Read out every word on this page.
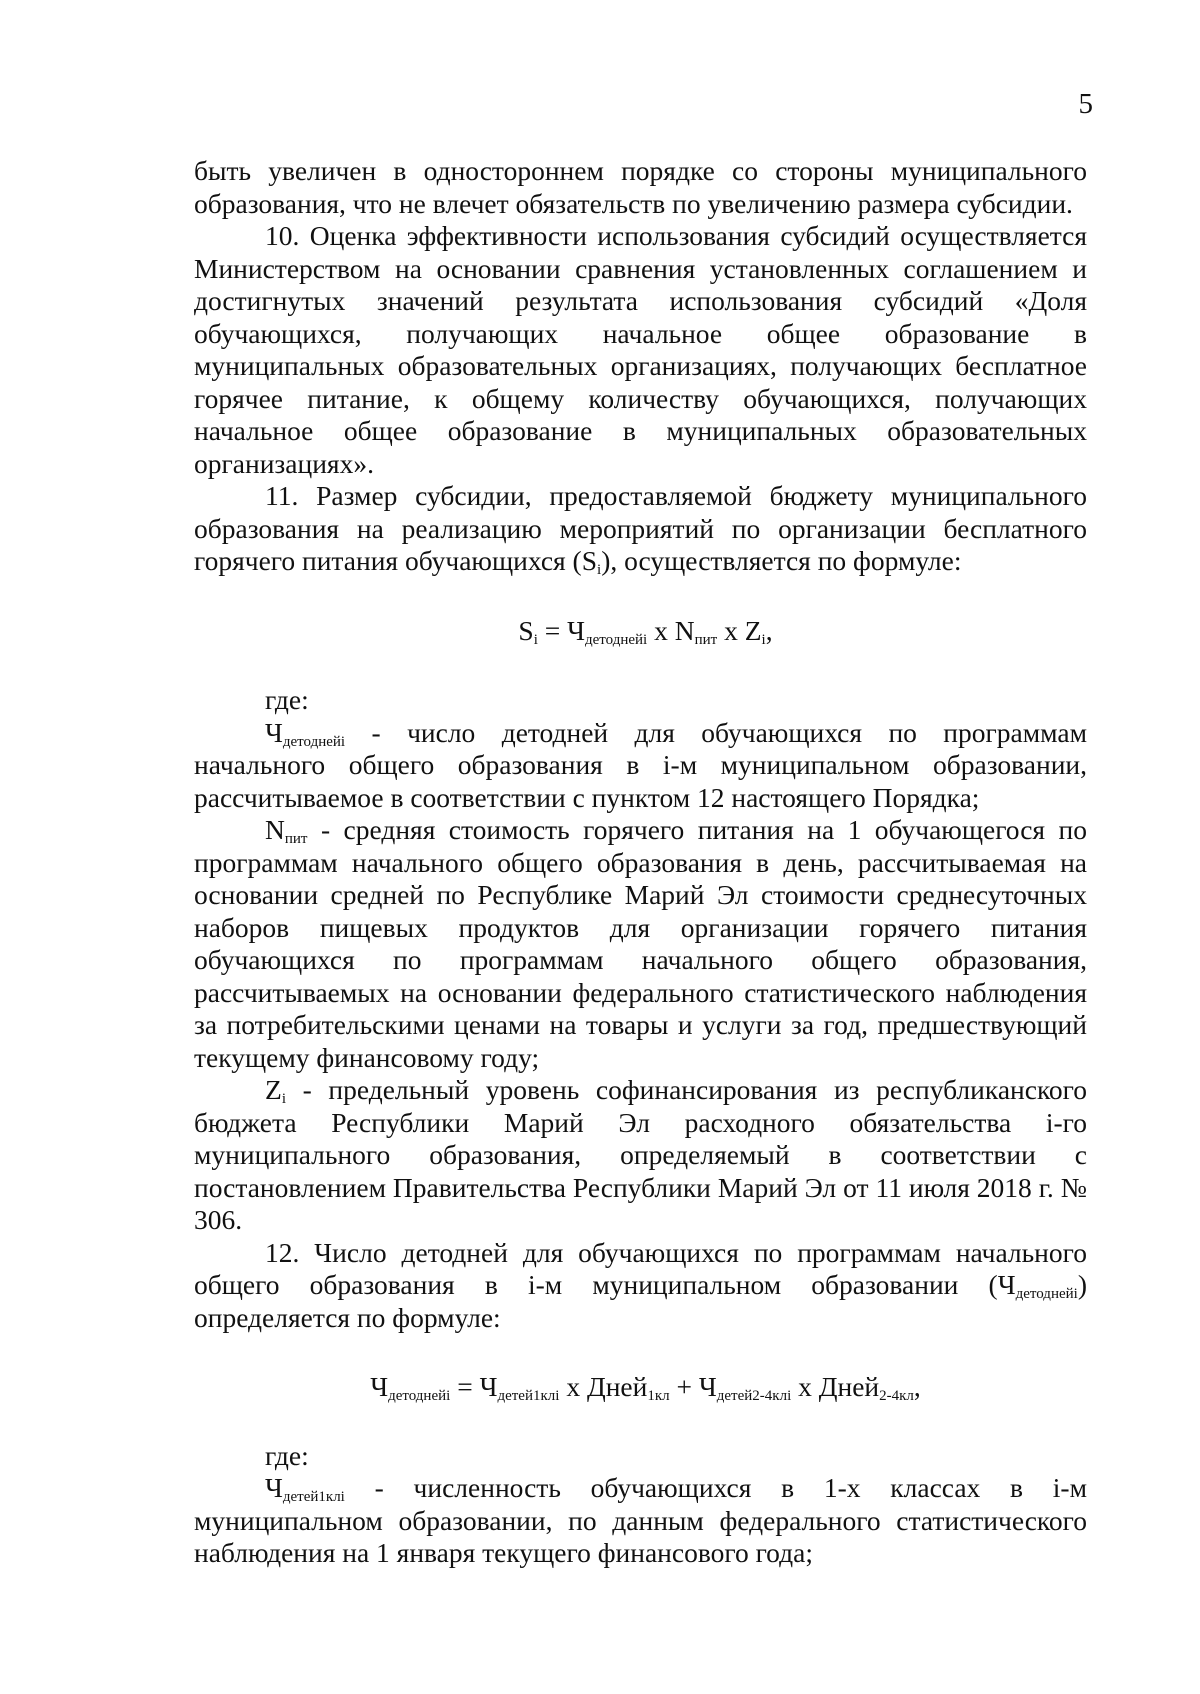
5

быть увеличен в одностороннем порядке со стороны муниципального образования, что не влечет обязательств по увеличению размера субсидии.

10. Оценка эффективности использования субсидий осуществляется Министерством на основании сравнения установленных соглашением и достигнутых значений результата использования субсидий «Доля обучающихся, получающих начальное общее образование в муниципальных образовательных организациях, получающих бесплатное горячее питание, к общему количеству обучающихся, получающих начальное общее образование в муниципальных образовательных организациях».

11. Размер субсидии, предоставляемой бюджету муниципального образования на реализацию мероприятий по организации бесплатного горячего питания обучающихся $(S_i)$, осуществляется по формуле:

$S_i = Ч_{детоднейi}$ x $N_{пит}$ x $Z_i$,

где:

$Ч_{детоднейi}$ - число детодней для обучающихся по программам начального общего образования в i-м муниципальном образовании, рассчитываемое в соответствии с пунктом 12 настоящего Порядка;

$N_{пит}$ - средняя стоимость горячего питания на 1 обучающегося по программам начального общего образования в день, рассчитываемая на основании средней по Республике Марий Эл стоимости среднесуточных наборов пищевых продуктов для организации горячего питания обучающихся по программам начального общего образования, рассчитываемых на основании федерального статистического наблюдения за потребительскими ценами на товары и услуги за год, предшествующий текущему финансовому году;

$Z_i$ - предельный уровень софинансирования из республиканского бюджета Республики Марий Эл расходного обязательства i-го муниципального образования, определяемый в соответствии с постановлением Правительства Республики Марий Эл от 11 июля 2018 г. № 306.

12. Число детодней для обучающихся по программам начального общего образования в i-м муниципальном образовании $(Ч_{детоднейi})$ определяется по формуле:

$Ч_{детоднейi} = Ч_{детей1клi}$ x Дней$_{1кл}$ + $Ч_{детей2-4клi}$ x Дней$_{2-4кл}$,

где:

$Ч_{детей1клi}$ - численность обучающихся в 1-х классах в i-м муниципальном образовании, по данным федерального статистического наблюдения на 1 января текущего финансового года;
